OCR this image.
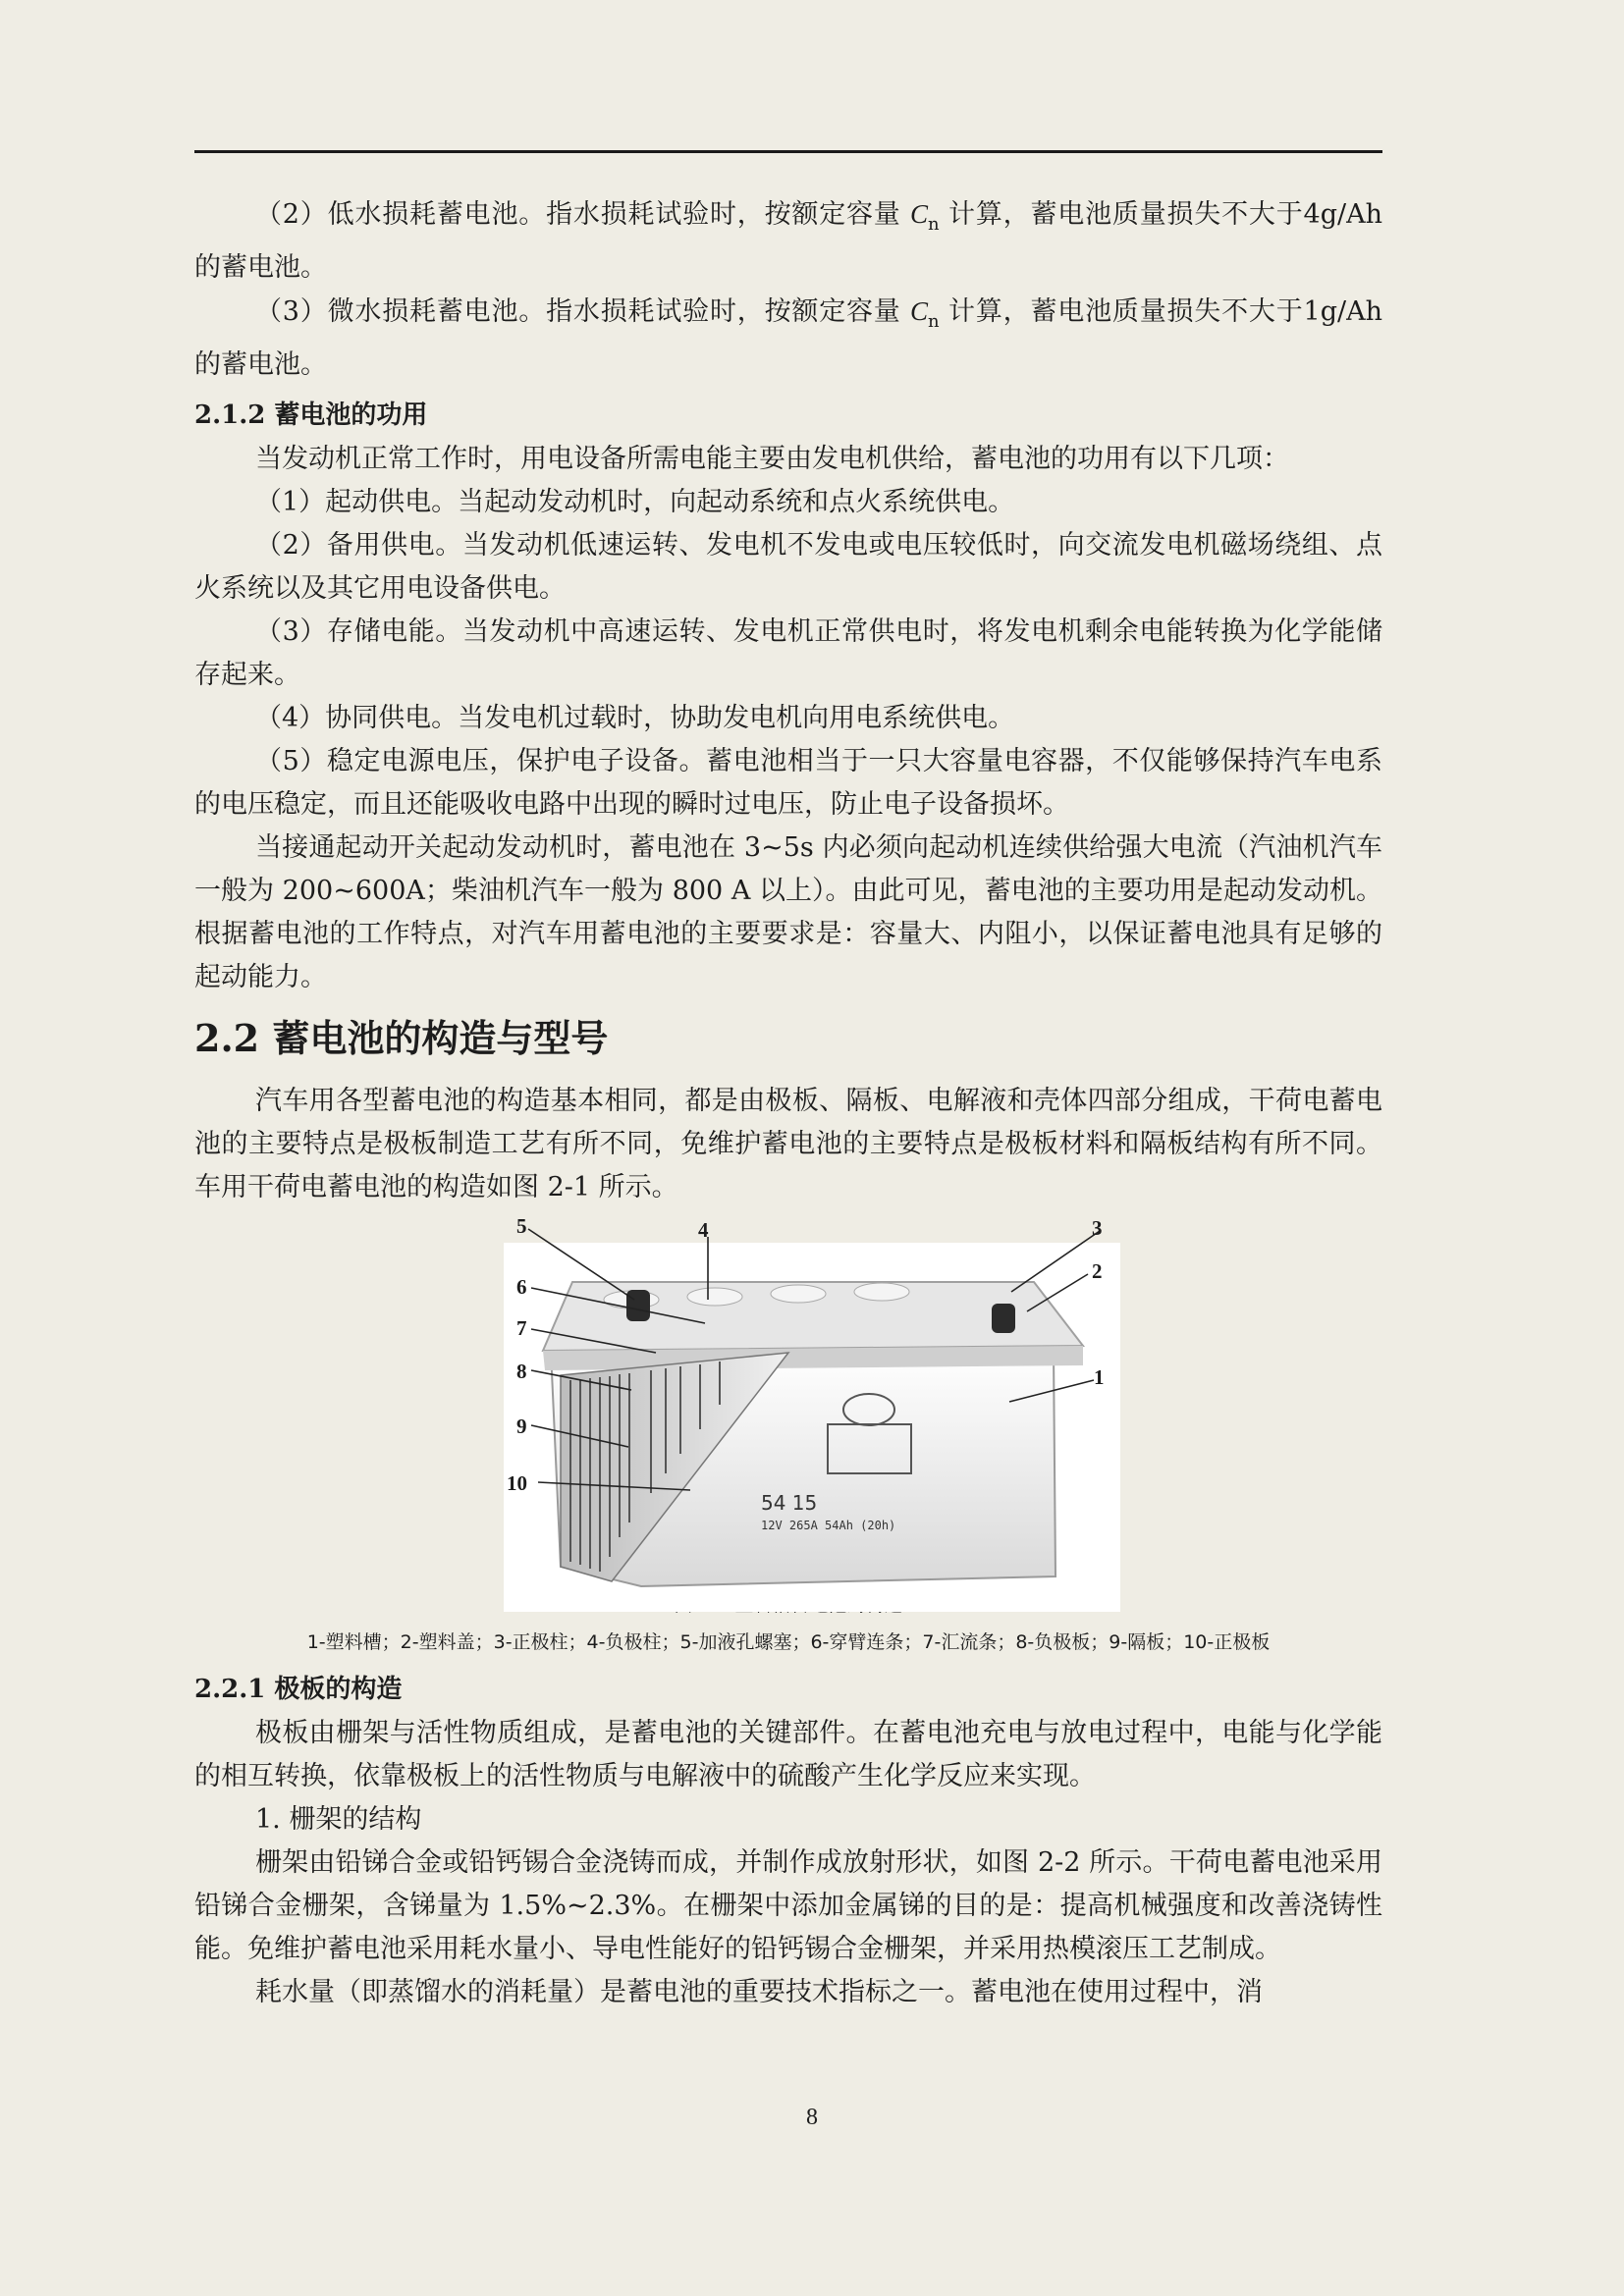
（2）低水损耗蓄电池。指水损耗试验时，按额定容量 $C_n$ 计算，蓄电池质量损失不大于4g/Ah 的蓄电池。

（3）微水损耗蓄电池。指水损耗试验时，按额定容量 $C_n$ 计算，蓄电池质量损失不大于1g/Ah 的蓄电池。

2.1.2 蓄电池的功用

当发动机正常工作时，用电设备所需电能主要由发电机供给，蓄电池的功用有以下几项：

（1）起动供电。当起动发动机时，向起动系统和点火系统供电。

（2）备用供电。当发动机低速运转、发电机不发电或电压较低时，向交流发电机磁场绕组、点火系统以及其它用电设备供电。

（3）存储电能。当发动机中高速运转、发电机正常供电时，将发电机剩余电能转换为化学能储存起来。

（4）协同供电。当发电机过载时，协助发电机向用电系统供电。

（5）稳定电源电压，保护电子设备。蓄电池相当于一只大容量电容器，不仅能够保持汽车电系的电压稳定，而且还能吸收电路中出现的瞬时过电压，防止电子设备损坏。

当接通起动开关起动发动机时，蓄电池在 3~5s 内必须向起动机连续供给强大电流（汽油机汽车一般为 200~600A；柴油机汽车一般为 800 A 以上）。由此可见，蓄电池的主要功用是起动发动机。根据蓄电池的工作特点，对汽车用蓄电池的主要要求是：容量大、内阻小，以保证蓄电池具有足够的起动能力。

2.2 蓄电池的构造与型号

汽车用各型蓄电池的构造基本相同，都是由极板、隔板、电解液和壳体四部分组成，干荷电蓄电池的主要特点是极板制造工艺有所不同，免维护蓄电池的主要特点是极板材料和隔板结构有所不同。车用干荷电蓄电池的构造如图 2-1 所示。

54 15
12V 265A 54Ah (20h)
5	4	3
2
1
6
7
8
9
10
1-塑料槽；2-塑料盖；3-正极柱；4-负极柱；5-加液孔螺塞；6-穿臂连条；7-汇流条；8-负极板；9-隔板；10-正极板
2.2.1 极板的构造

极板由栅架与活性物质组成，是蓄电池的关键部件。在蓄电池充电与放电过程中，电能与化学能的相互转换，依靠极板上的活性物质与电解液中的硫酸产生化学反应来实现。

1. 栅架的结构

栅架由铅锑合金或铅钙锡合金浇铸而成，并制作成放射形状，如图 2-2 所示。干荷电蓄电池采用铅锑合金栅架，含锑量为 1.5%~2.3%。在栅架中添加金属锑的目的是：提高机械强度和改善浇铸性能。免维护蓄电池采用耗水量小、导电性能好的铅钙锡合金栅架，并采用热模滚压工艺制成。

耗水量（即蒸馏水的消耗量）是蓄电池的重要技术指标之一。蓄电池在使用过程中，消

8
